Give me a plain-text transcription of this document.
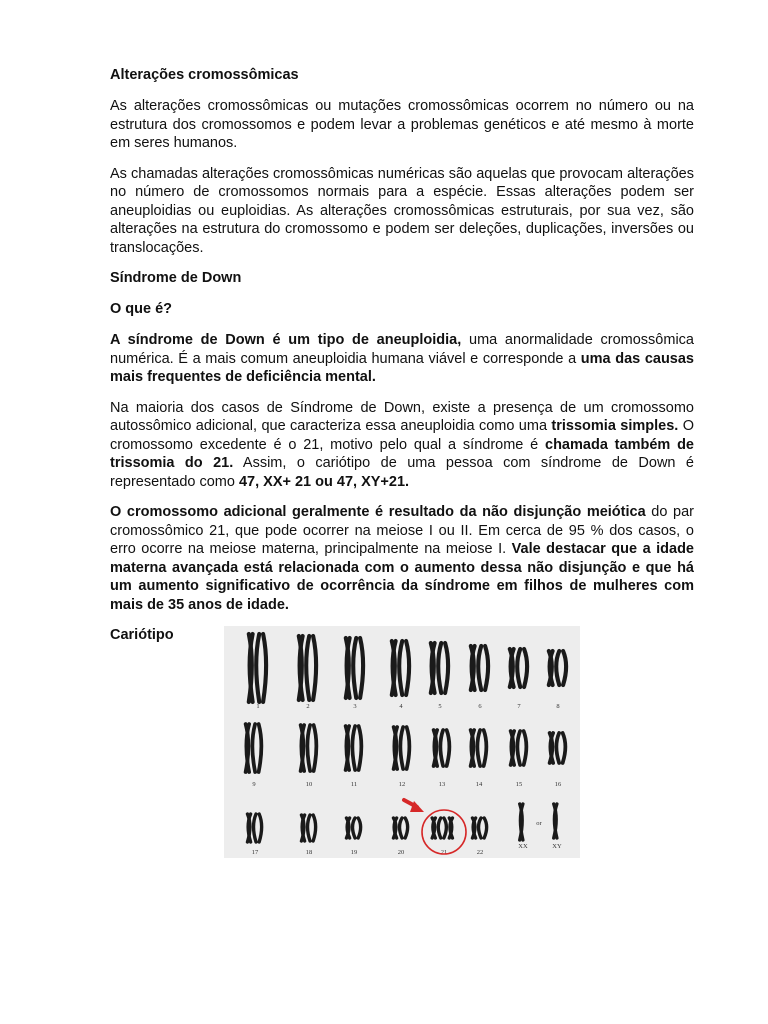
Alterações cromossômicas

As alterações cromossômicas ou mutações cromossômicas ocorrem no número ou na estrutura dos cromossomos e podem levar a problemas genéticos e até mesmo à morte em seres humanos.

As chamadas alterações cromossômicas numéricas são aquelas que provocam alterações no número de cromossomos normais para a espécie. Essas alterações podem ser aneuploidias ou euploidias. As alterações cromossômicas estruturais, por sua vez, são alterações na estrutura do cromossomo e podem ser deleções, duplicações, inversões ou translocações.

Síndrome de Down
O que é?

A síndrome de Down é um tipo de aneuploidia, uma anormalidade cromossômica numérica. É a mais comum aneuploidia humana viável e corresponde a uma das causas mais frequentes de deficiência mental.

Na maioria dos casos de Síndrome de Down, existe a presença de um cromossomo autossômico adicional, que caracteriza essa aneuploidia como uma trissomia simples. O cromossomo excedente é o 21, motivo pelo qual a síndrome é chamada também de trissomia do 21. Assim, o cariótipo de uma pessoa com síndrome de Down é representado como 47, XX+ 21 ou 47, XY+21.

O cromossomo adicional geralmente é resultado da não disjunção meiótica do par cromossômico 21, que pode ocorrer na meiose I ou II. Em cerca de 95 % dos casos, o erro ocorre na meiose materna, principalmente na meiose I. Vale destacar que a idade materna avançada está relacionada com o aumento dessa não disjunção e que há um aumento significativo de ocorrência da síndrome em filhos de mulheres com mais de 35 anos de idade.

Cariótipo
1	2	3	4	5	6	7	8
9	10	11	12	13	14	15	16
17	18	19	20	21	22
XX	XY
or
